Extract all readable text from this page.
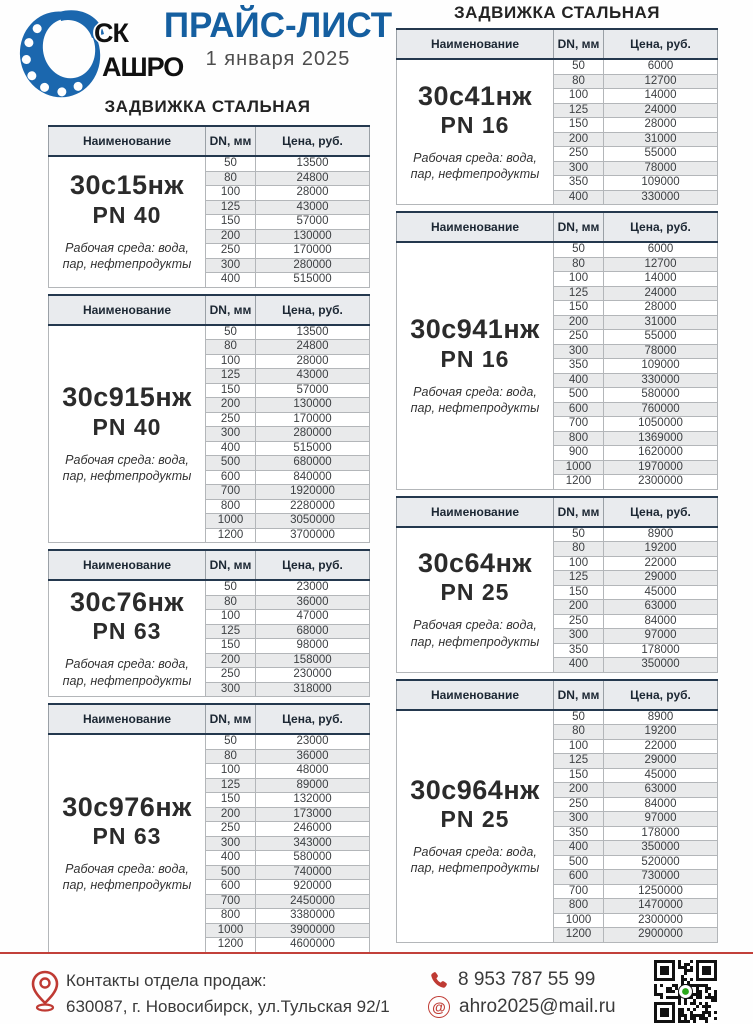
СК
АШРО
ПРАЙС-ЛИСТ
1 января 2025
ЗАДВИЖКА СТАЛЬНАЯ
ЗАДВИЖКА СТАЛЬНАЯ
Наименование	DN, мм	Цена, руб.

30с15нж
PN 40
Рабочая среда: вода, пар, нефтепродукты	50	13500
	80	24800
	100	28000
	125	43000
	150	57000
	200	130000
	250	170000
	300	280000
	400	515000
Наименование	DN, мм	Цена, руб.

30с915нж
PN 40
Рабочая среда: вода, пар, нефтепродукты	50	13500
	80	24800
	100	28000
	125	43000
	150	57000
	200	130000
	250	170000
	300	280000
	400	515000
	500	680000
	600	840000
	700	1920000
	800	2280000
	1000	3050000
	1200	3700000
Наименование	DN, мм	Цена, руб.

30с76нж
PN 63
Рабочая среда: вода, пар, нефтепродукты	50	23000
	80	36000
	100	47000
	125	68000
	150	98000
	200	158000
	250	230000
	300	318000
Наименование	DN, мм	Цена, руб.

30с976нж
PN 63
Рабочая среда: вода, пар, нефтепродукты	50	23000
	80	36000
	100	48000
	125	89000
	150	132000
	200	173000
	250	246000
	300	343000
	400	580000
	500	740000
	600	920000
	700	2450000
	800	3380000
	1000	3900000
	1200	4600000
Наименование	DN, мм	Цена, руб.

30с41нж
PN 16
Рабочая среда: вода, пар, нефтепродукты	50	6000
	80	12700
	100	14000
	125	24000
	150	28000
	200	31000
	250	55000
	300	78000
	350	109000
	400	330000
Наименование	DN, мм	Цена, руб.

30с941нж
PN 16
Рабочая среда: вода, пар, нефтепродукты	50	6000
	80	12700
	100	14000
	125	24000
	150	28000
	200	31000
	250	55000
	300	78000
	350	109000
	400	330000
	500	580000
	600	760000
	700	1050000
	800	1369000
	900	1620000
	1000	1970000
	1200	2300000
Наименование	DN, мм	Цена, руб.

30с64нж
PN 25
Рабочая среда: вода, пар, нефтепродукты	50	8900
	80	19200
	100	22000
	125	29000
	150	45000
	200	63000
	250	84000
	300	97000
	350	178000
	400	350000
Наименование	DN, мм	Цена, руб.

30с964нж
PN 25
Рабочая среда: вода, пар, нефтепродукты	50	8900
	80	19200
	100	22000
	125	29000
	150	45000
	200	63000
	250	84000
	300	97000
	350	178000
	400	350000
	500	520000
	600	730000
	700	1250000
	800	1470000
	1000	2300000
	1200	2900000
Контакты отдела продаж:
630087, г. Новосибирск, ул.Тульская 92/1
8 953 787 55 99
@ ahro2025@mail.ru
